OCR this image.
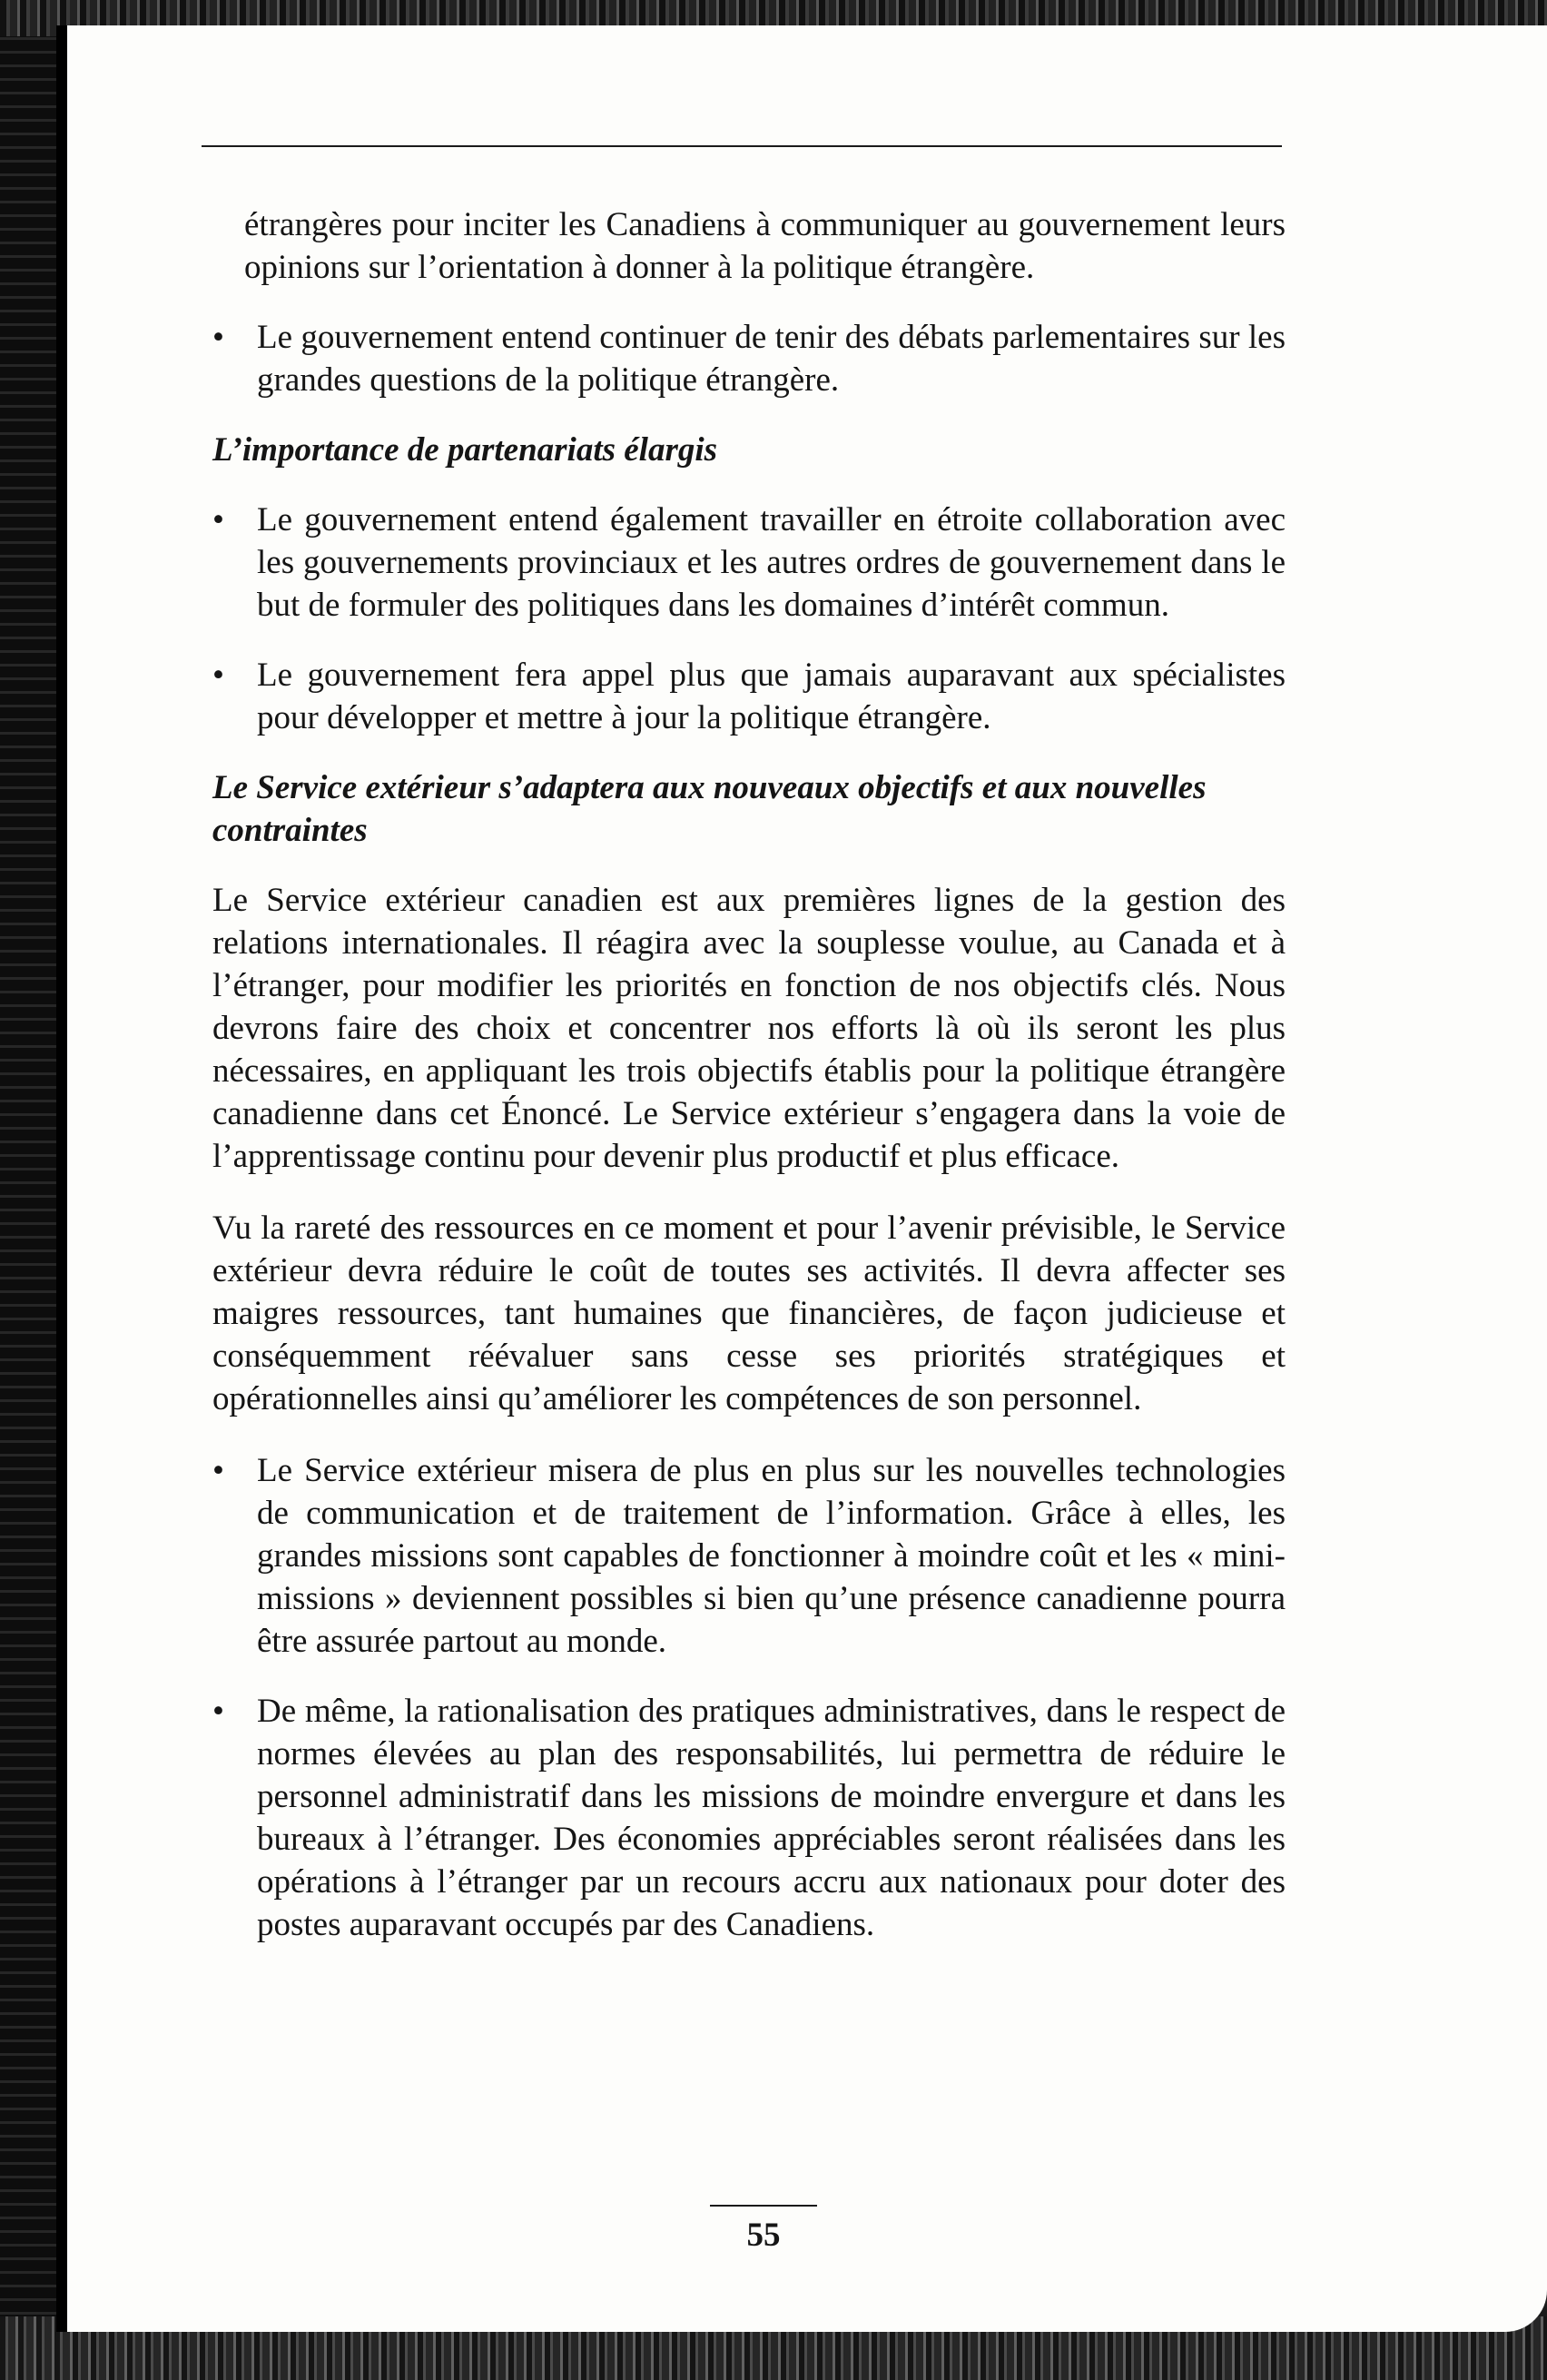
étrangères pour inciter les Canadiens à communiquer au gouvernement leurs opinions sur l’orientation à donner à la politique étrangère.

• Le gouvernement entend continuer de tenir des débats parlementaires sur les grandes questions de la politique étrangère.

L’importance de partenariats élargis

• Le gouvernement entend également travailler en étroite collaboration avec les gouvernements provinciaux et les autres ordres de gouvernement dans le but de formuler des politiques dans les domaines d’intérêt commun.
• Le gouvernement fera appel plus que jamais auparavant aux spécialistes pour développer et mettre à jour la politique étrangère.

Le Service extérieur s’adaptera aux nouveaux objectifs et aux nouvelles contraintes

Le Service extérieur canadien est aux premières lignes de la gestion des relations internationales. Il réagira avec la souplesse voulue, au Canada et à l’étranger, pour modifier les priorités en fonction de nos objectifs clés. Nous devrons faire des choix et concentrer nos efforts là où ils seront les plus nécessaires, en appliquant les trois objectifs établis pour la politique étrangère canadienne dans cet Énoncé. Le Service extérieur s’engagera dans la voie de l’apprentissage continu pour devenir plus productif et plus efficace.

Vu la rareté des ressources en ce moment et pour l’avenir prévisible, le Service extérieur devra réduire le coût de toutes ses activités. Il devra affecter ses maigres ressources, tant humaines que financières, de façon judicieuse et conséquemment réévaluer sans cesse ses priorités stratégiques et opérationnelles ainsi qu’améliorer les compétences de son personnel.

• Le Service extérieur misera de plus en plus sur les nouvelles technologies de communication et de traitement de l’information. Grâce à elles, les grandes missions sont capables de fonctionner à moindre coût et les « mini-missions » deviennent possibles si bien qu’une présence canadienne pourra être assurée partout au monde.
• De même, la rationalisation des pratiques administratives, dans le respect de normes élevées au plan des responsabilités, lui permettra de réduire le personnel administratif dans les missions de moindre envergure et dans les bureaux à l’étranger. Des économies appréciables seront réalisées dans les opérations à l’étranger par un recours accru aux nationaux pour doter des postes auparavant occupés par des Canadiens.
55
